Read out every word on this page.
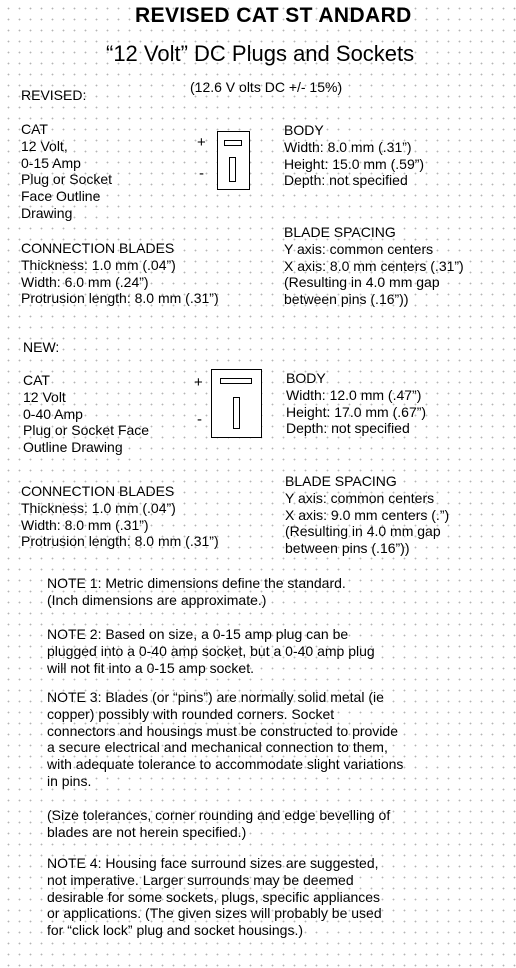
REVISED CAT ST ANDARD
“12 Volt” DC Plugs and Sockets
(12.6 V olts DC +/- 15%)
REVISED:
CAT
12 Volt,
0-15 Amp
Plug or Socket
Face Outline
Drawing
+
-
BODY
Width: 8.0 mm (.31”)
Height: 15.0 mm (.59”)
Depth: not specified
CONNECTION BLADES
Thickness: 1.0 mm (.04”)
Width: 6.0 mm (.24”)
Protrusion length: 8.0 mm (.31”)
BLADE SPACING
Y axis: common centers
X axis: 8.0 mm centers (.31”)
(Resulting in 4.0 mm gap
between pins (.16”))
NEW:
CAT
12 Volt
0-40 Amp
Plug or Socket Face
Outline Drawing
+
-
BODY
Width: 12.0 mm (.47”)
Height: 17.0 mm (.67”)
Depth: not specified
CONNECTION BLADES
Thickness: 1.0 mm (.04”)
Width: 8.0 mm (.31”)
Protrusion length: 8.0 mm (.31”)
BLADE SPACING
Y axis: common centers
X axis: 9.0 mm centers (.”)
(Resulting in 4.0 mm gap
between pins (.16”))
NOTE 1: Metric dimensions define the standard.
(Inch dimensions are approximate.)
NOTE 2: Based on size, a 0-15 amp plug can be
plugged into a 0-40 amp socket, but a 0-40 amp plug
will not fit into a 0-15 amp socket.
NOTE 3: Blades (or “pins”) are normally solid metal (ie
copper) possibly with rounded corners. Socket
connectors and housings must be constructed to provide
a secure electrical and mechanical connection to them,
with adequate tolerance to accommodate slight variations
in pins.
(Size tolerances, corner rounding and edge bevelling of
blades are not herein specified.)
NOTE 4: Housing face surround sizes are suggested,
not imperative. Larger surrounds may be deemed
desirable for some sockets, plugs, specific appliances
or applications. (The given sizes will probably be used
for “click lock” plug and socket housings.)
